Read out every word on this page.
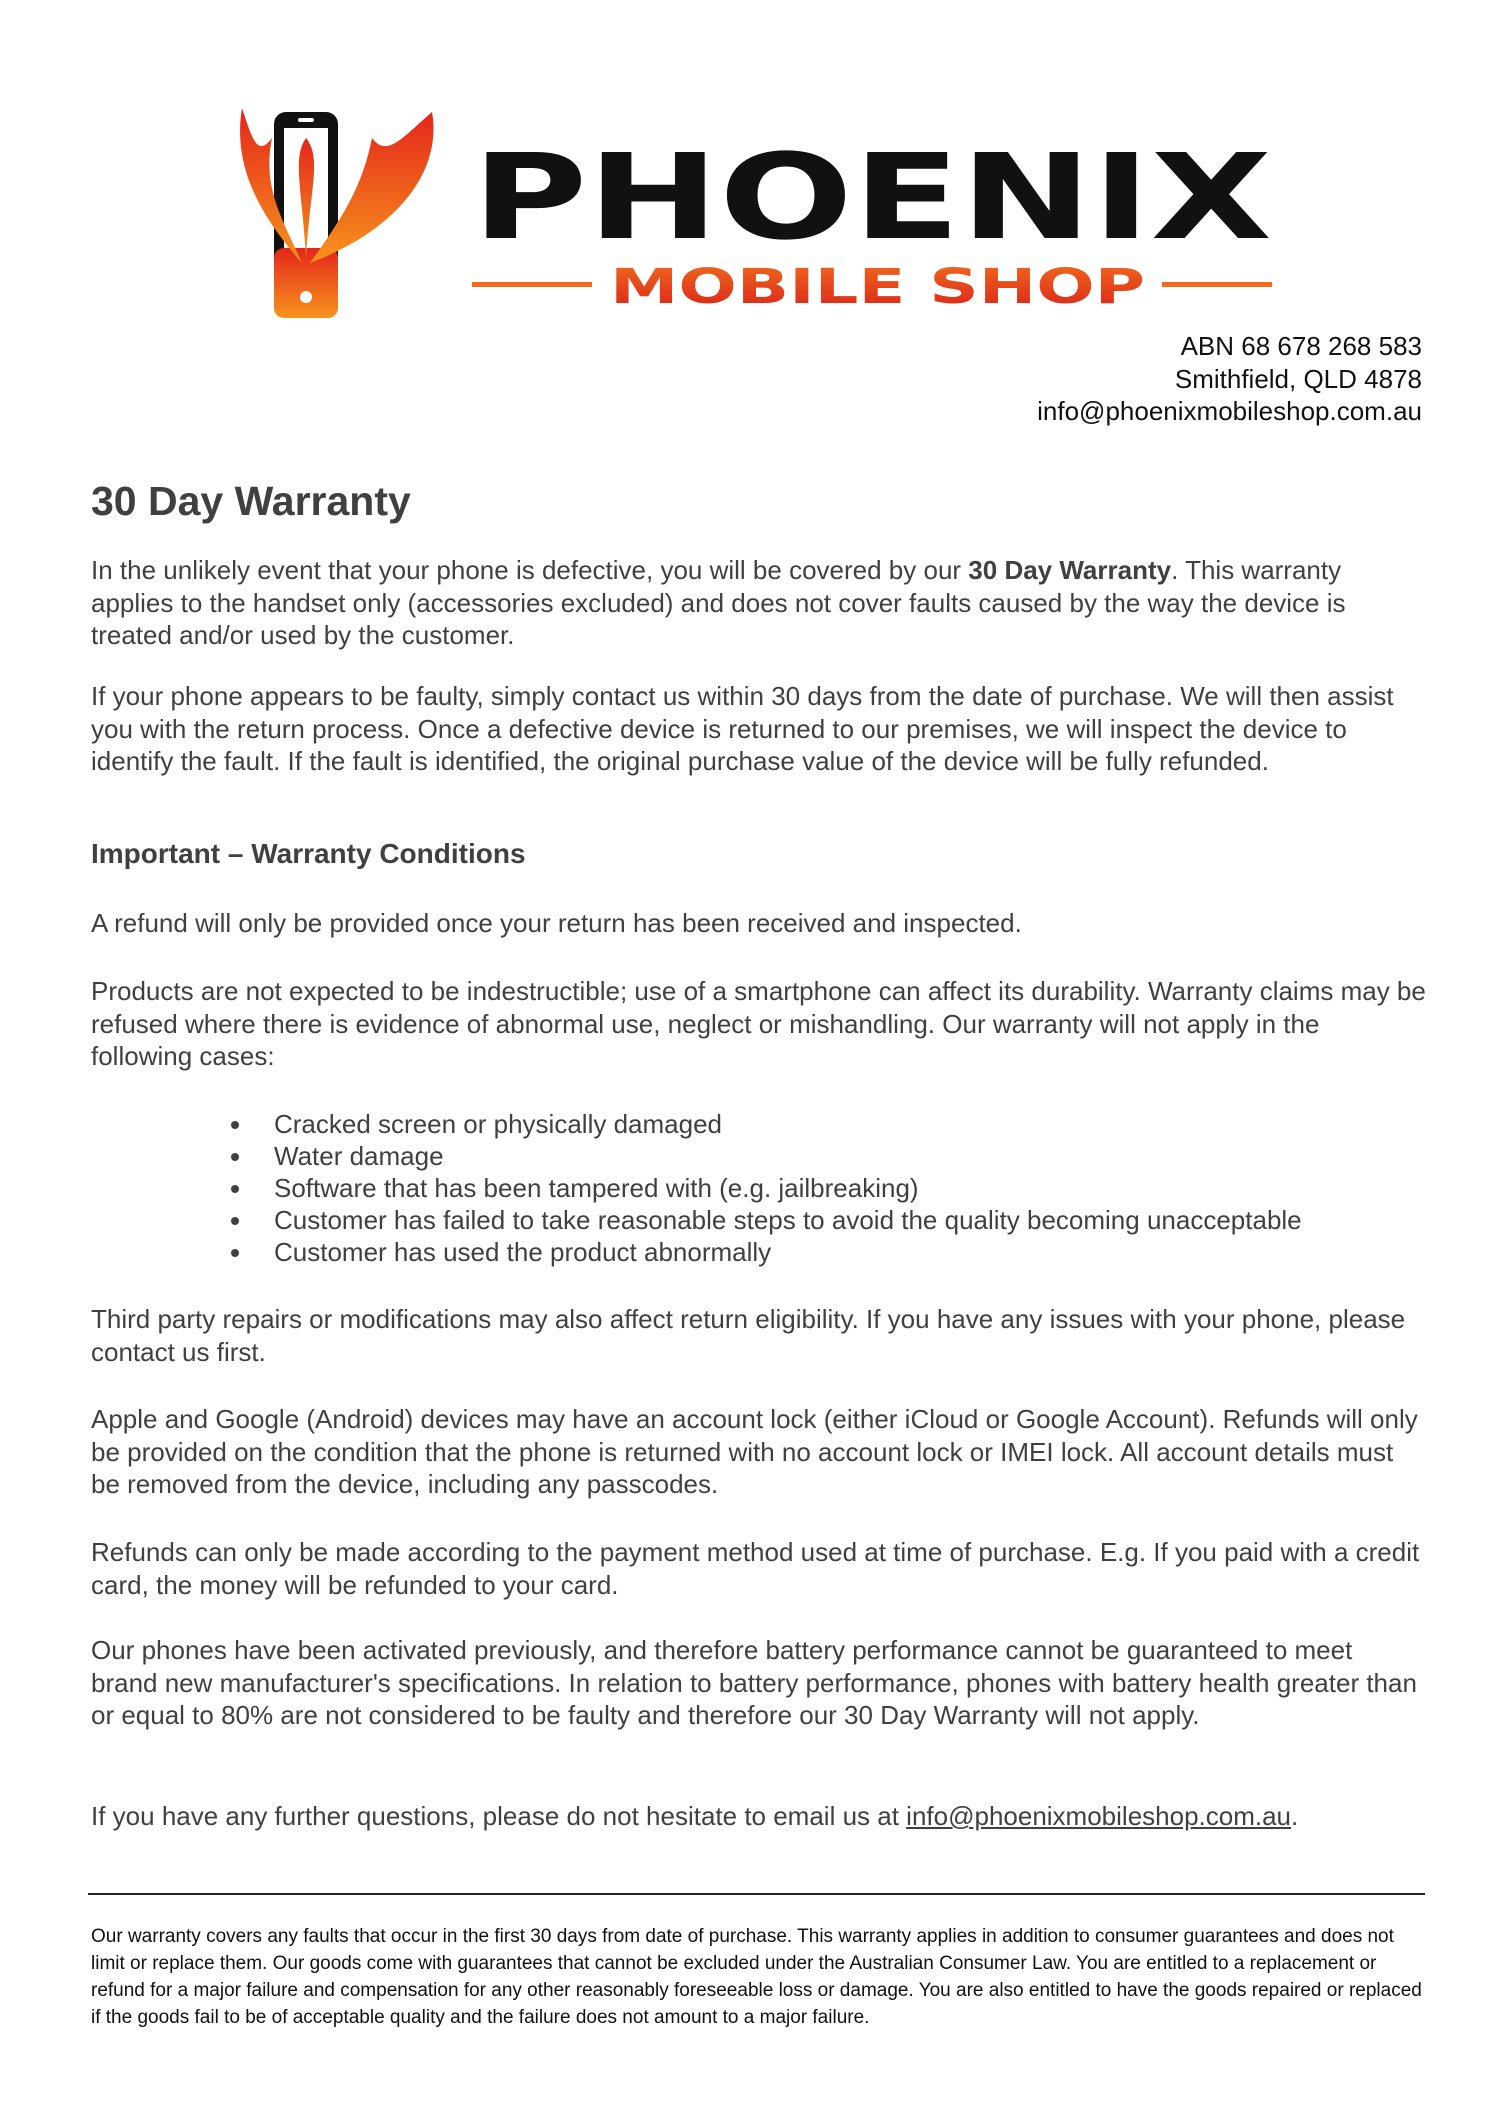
PHOENIX
MOBILE SHOP
ABN 68 678 268 583
Smithfield, QLD 4878
info@phoenixmobileshop.com.au
30 Day Warranty

In the unlikely event that your phone is defective, you will be covered by our 30 Day Warranty. This warranty applies to the handset only (accessories excluded) and does not cover faults caused by the way the device is treated and/or used by the customer.

If your phone appears to be faulty, simply contact us within 30 days from the date of purchase. We will then assist you with the return process. Once a defective device is returned to our premises, we will inspect the device to identify the fault. If the fault is identified, the original purchase value of the device will be fully refunded.

Important – Warranty Conditions

A refund will only be provided once your return has been received and inspected.

Products are not expected to be indestructible; use of a smartphone can affect its durability. Warranty claims may be refused where there is evidence of abnormal use, neglect or mishandling. Our warranty will not apply in the following cases:

Cracked screen or physically damaged
Water damage
Software that has been tampered with (e.g. jailbreaking)
Customer has failed to take reasonable steps to avoid the quality becoming unacceptable
Customer has used the product abnormally

Third party repairs or modifications may also affect return eligibility. If you have any issues with your phone, please contact us first.

Apple and Google (Android) devices may have an account lock (either iCloud or Google Account). Refunds will only be provided on the condition that the phone is returned with no account lock or IMEI lock. All account details must be removed from the device, including any passcodes.

Refunds can only be made according to the payment method used at time of purchase. E.g. If you paid with a credit card, the money will be refunded to your card.

Our phones have been activated previously, and therefore battery performance cannot be guaranteed to meet brand new manufacturer's specifications. In relation to battery performance, phones with battery health greater than or equal to 80% are not considered to be faulty and therefore our 30 Day Warranty will not apply.

If you have any further questions, please do not hesitate to email us at info@phoenixmobileshop.com.au.

Our warranty covers any faults that occur in the first 30 days from date of purchase. This warranty applies in addition to consumer guarantees and does not limit or replace them. Our goods come with guarantees that cannot be excluded under the Australian Consumer Law. You are entitled to a replacement or refund for a major failure and compensation for any other reasonably foreseeable loss or damage. You are also entitled to have the goods repaired or replaced if the goods fail to be of acceptable quality and the failure does not amount to a major failure.
